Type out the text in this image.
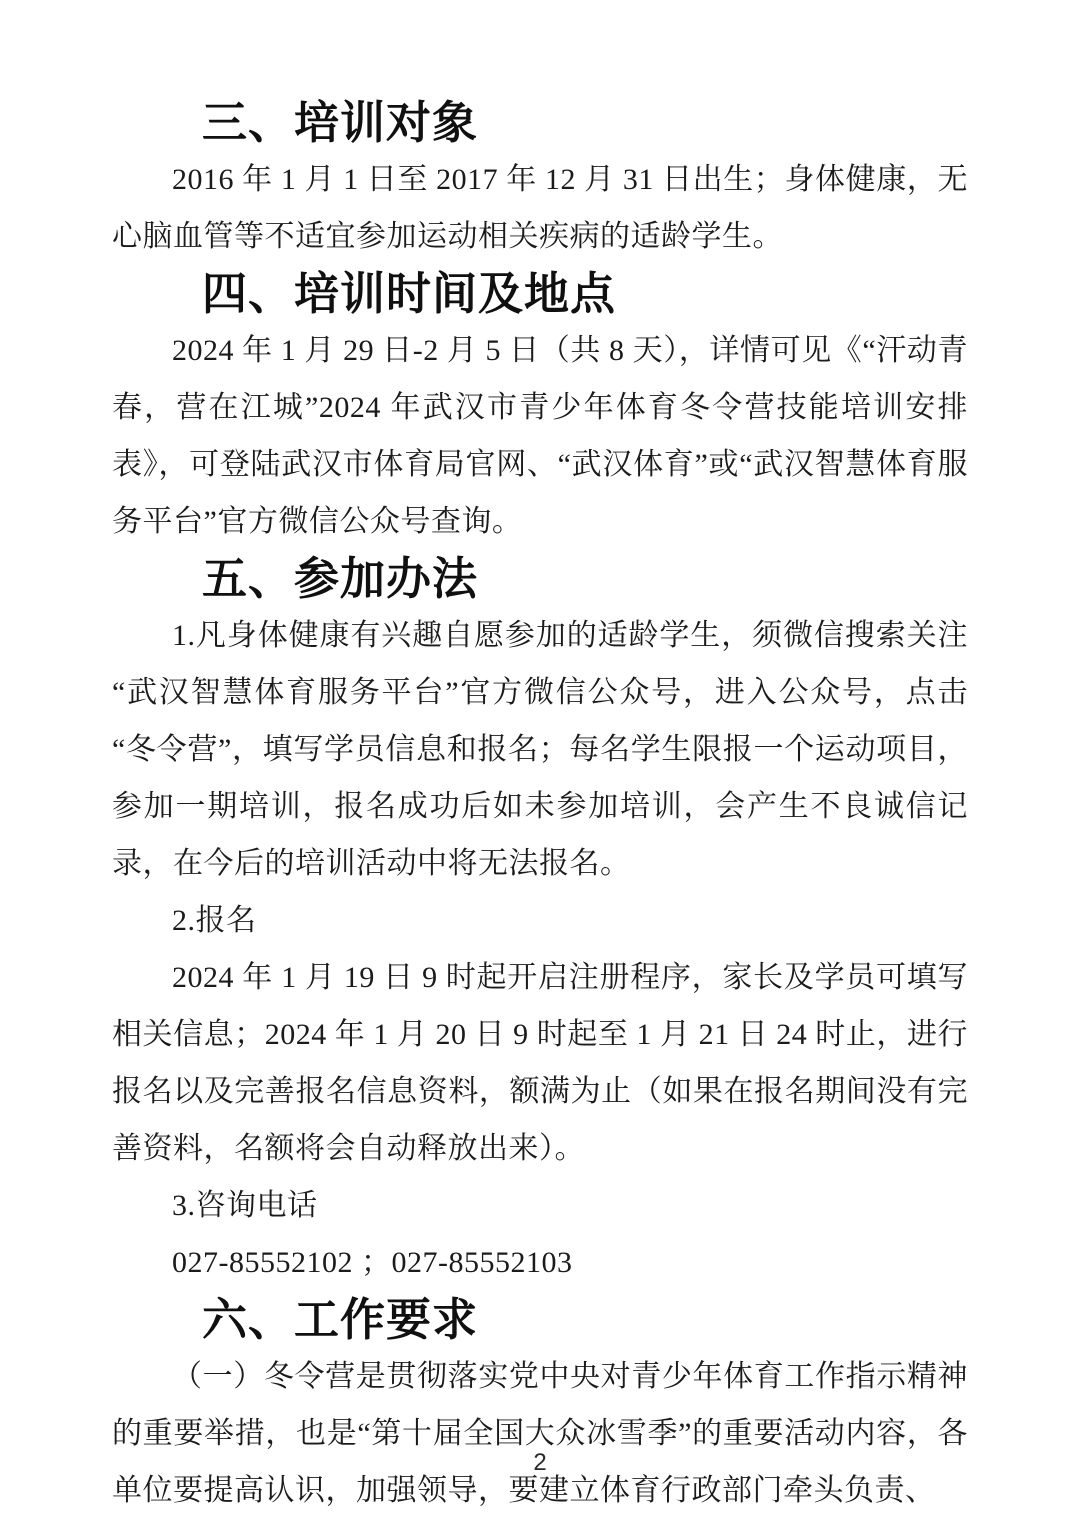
三、培训对象

2016 年 1 月 1 日至 2017 年 12 月 31 日出生；身体健康，无心脑血管等不适宜参加运动相关疾病的适龄学生。

四、培训时间及地点

2024 年 1 月 29 日-2 月 5 日（共 8 天），详情可见《“汗动青春，营在江城”2024 年武汉市青少年体育冬令营技能培训安排表》，可登陆武汉市体育局官网、“武汉体育”或“武汉智慧体育服务平台”官方微信公众号查询。

五、参加办法

1.凡身体健康有兴趣自愿参加的适龄学生，须微信搜索关注“武汉智慧体育服务平台”官方微信公众号，进入公众号，点击“冬令营”，填写学员信息和报名；每名学生限报一个运动项目，参加一期培训，报名成功后如未参加培训，会产生不良诚信记录，在今后的培训活动中将无法报名。

2.报名

2024 年 1 月 19 日 9 时起开启注册程序，家长及学员可填写相关信息；2024 年 1 月 20 日 9 时起至 1 月 21 日 24 时止，进行报名以及完善报名信息资料，额满为止（如果在报名期间没有完善资料，名额将会自动释放出来）。

3.咨询电话

027-85552102 ；027-85552103

六、工作要求

（一）冬令营是贯彻落实党中央对青少年体育工作指示精神的重要举措，也是“第十届全国大众冰雪季”的重要活动内容，各单位要提高认识，加强领导，要建立体育行政部门牵头负责、

2
